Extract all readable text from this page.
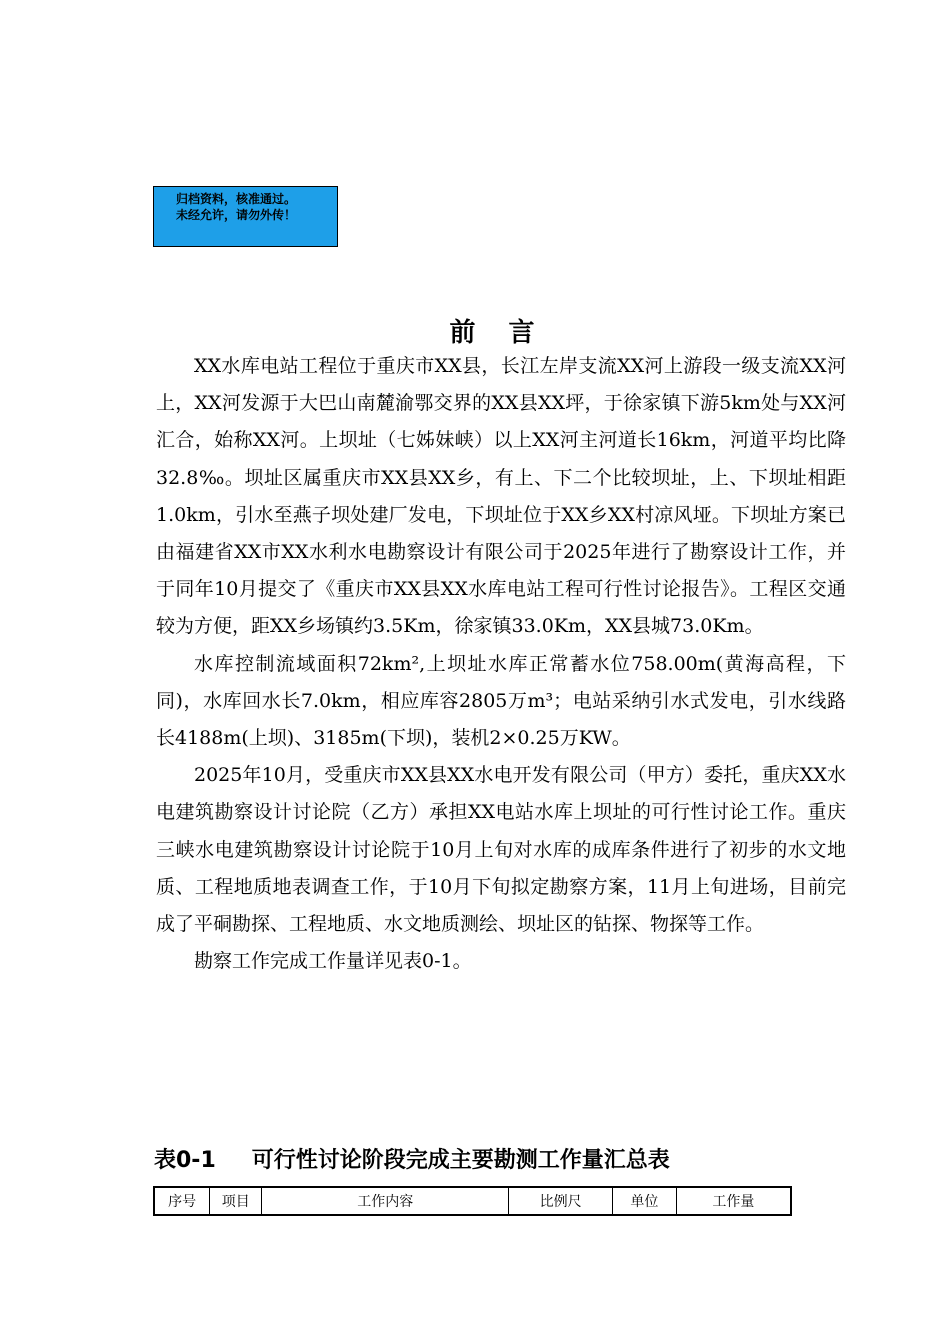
归档资料，核准通过。
未经允许，请勿外传！
前 言

XX水库电站工程位于重庆市XX县，长江左岸支流XX河上游段一级支流XX河上，XX河发源于大巴山南麓渝鄂交界的XX县XX坪，于徐家镇下游5km处与XX河汇合，始称XX河。上坝址（七姊妹峡）以上XX河主河道长16km，河道平均比降32.8‰。坝址区属重庆市XX县XX乡，有上、下二个比较坝址，上、下坝址相距1.0km，引水至燕子坝处建厂发电，下坝址位于XX乡XX村凉风垭。下坝址方案已由福建省XX市XX水利水电勘察设计有限公司于2025年进行了勘察设计工作，并于同年10月提交了《重庆市XX县XX水库电站工程可行性讨论报告》。工程区交通较为方便，距XX乡场镇约3.5Km，徐家镇33.0Km，XX县城73.0Km。

水库控制流域面积72km²,上坝址水库正常蓄水位758.00m(黄海高程，下同)，水库回水长7.0km，相应库容2805万m³；电站采纳引水式发电，引水线路长4188m(上坝)、3185m(下坝)，装机2×0.25万KW。

2025年10月，受重庆市XX县XX水电开发有限公司（甲方）委托，重庆XX水电建筑勘察设计讨论院（乙方）承担XX电站水库上坝址的可行性讨论工作。重庆三峡水电建筑勘察设计讨论院于10月上旬对水库的成库条件进行了初步的水文地质、工程地质地表调查工作，于10月下旬拟定勘察方案，11月上旬进场，目前完成了平硐勘探、工程地质、水文地质测绘、坝址区的钻探、物探等工作。

勘察工作完成工作量详见表0-1。

表0-1 可行性讨论阶段完成主要勘测工作量汇总表
序号	项目	工作内容	比例尺	单位	工作量
